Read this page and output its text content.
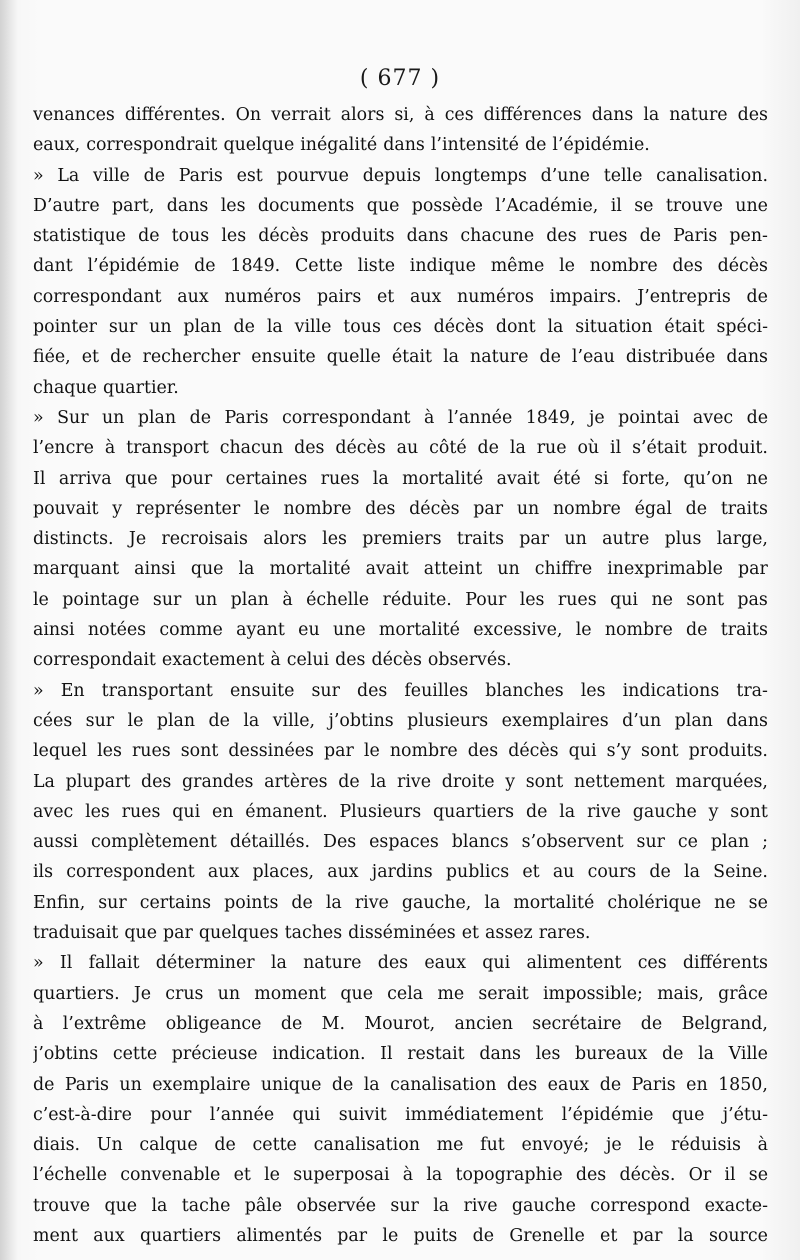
( 677 )
venances différentes. On verrait alors si, à ces différences dans la nature des
eaux, correspondrait quelque inégalité dans l’intensité de l’épidémie.
» La ville de Paris est pourvue depuis longtemps d’une telle canalisation.
D’autre part, dans les documents que possède l’Académie, il se trouve une
statistique de tous les décès produits dans chacune des rues de Paris pen-
dant l’épidémie de 1849. Cette liste indique même le nombre des décès
correspondant aux numéros pairs et aux numéros impairs. J’entrepris de
pointer sur un plan de la ville tous ces décès dont la situation était spéci-
fiée, et de rechercher ensuite quelle était la nature de l’eau distribuée dans
chaque quartier.
» Sur un plan de Paris correspondant à l’année 1849, je pointai avec de
l’encre à transport chacun des décès au côté de la rue où il s’était produit.
Il arriva que pour certaines rues la mortalité avait été si forte, qu’on ne
pouvait y représenter le nombre des décès par un nombre égal de traits
distincts. Je recroisais alors les premiers traits par un autre plus large,
marquant ainsi que la mortalité avait atteint un chiffre inexprimable par
le pointage sur un plan à échelle réduite. Pour les rues qui ne sont pas
ainsi notées comme ayant eu une mortalité excessive, le nombre de traits
correspondait exactement à celui des décès observés.
» En transportant ensuite sur des feuilles blanches les indications tra-
cées sur le plan de la ville, j’obtins plusieurs exemplaires d’un plan dans
lequel les rues sont dessinées par le nombre des décès qui s’y sont produits.
La plupart des grandes artères de la rive droite y sont nettement marquées,
avec les rues qui en émanent. Plusieurs quartiers de la rive gauche y sont
aussi complètement détaillés. Des espaces blancs s’observent sur ce plan ;
ils correspondent aux places, aux jardins publics et au cours de la Seine.
Enfin, sur certains points de la rive gauche, la mortalité cholérique ne se
traduisait que par quelques taches disséminées et assez rares.
» Il fallait déterminer la nature des eaux qui alimentent ces différents
quartiers. Je crus un moment que cela me serait impossible; mais, grâce
à l’extrême obligeance de M. Mourot, ancien secrétaire de Belgrand,
j’obtins cette précieuse indication. Il restait dans les bureaux de la Ville
de Paris un exemplaire unique de la canalisation des eaux de Paris en 1850,
c’est-à-dire pour l’année qui suivit immédiatement l’épidémie que j’étu-
diais. Un calque de cette canalisation me fut envoyé; je le réduisis à
l’échelle convenable et le superposai à la topographie des décès. Or il se
trouve que la tache pâle observée sur la rive gauche correspond exacte-
ment aux quartiers alimentés par le puits de Grenelle et par la source
